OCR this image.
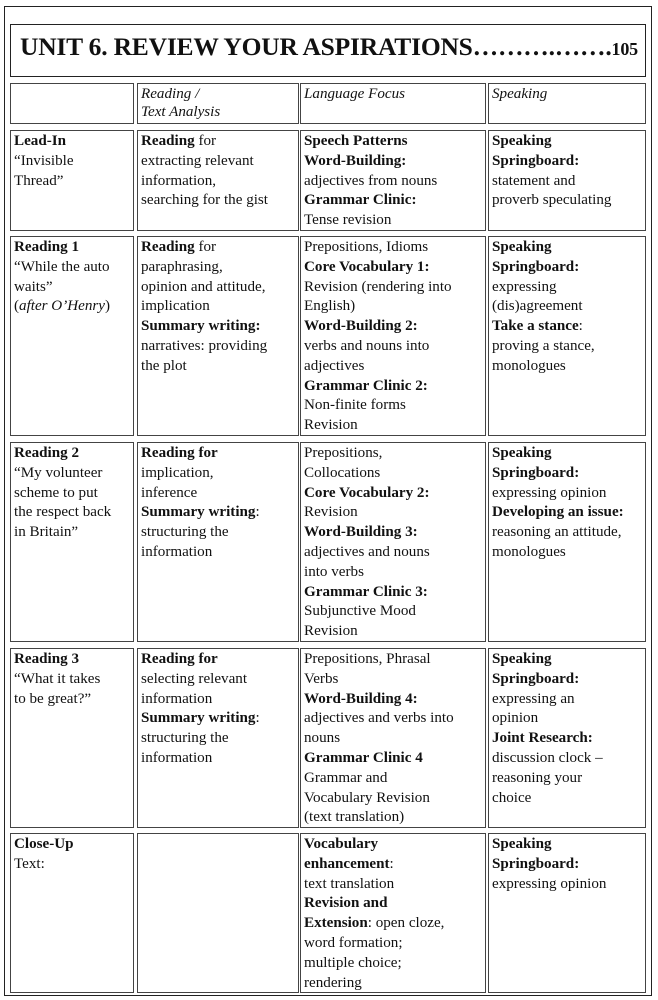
UNIT 6. REVIEW YOUR ASPIRATIONS……….…….105
Reading /
Text Analysis
Language Focus	Speaking
Lead-In
“Invisible
Thread”
Reading for
extracting relevant
information,
searching for the gist
Speech Patterns
Word-Building:
adjectives from nouns
Grammar Clinic:
Tense revision
Speaking
Springboard:
statement and
proverb speculating
Reading 1
“While the auto
waits”
(after O’Henry)
Reading for
paraphrasing,
opinion and attitude,
implication
Summary writing:
narratives: providing
the plot
Prepositions, Idioms
Core Vocabulary 1:
Revision (rendering into
English)
Word-Building 2:
verbs and nouns into
adjectives
Grammar Clinic 2:
Non-finite forms
Revision
Speaking
Springboard:
expressing
(dis)agreement
Take a stance:
proving a stance,
monologues
Reading 2
“My volunteer
scheme to put
the respect back
in Britain”
Reading for
implication,
inference
Summary writing:
structuring the
information
Prepositions,
Collocations
Core Vocabulary 2:
Revision
Word-Building 3:
adjectives and nouns
into verbs
Grammar Clinic 3:
Subjunctive Mood
Revision
Speaking
Springboard:
expressing opinion
Developing an issue:
reasoning an attitude,
monologues
Reading 3
“What it takes
to be great?”
Reading for
selecting relevant
information
Summary writing:
structuring the
information
Prepositions, Phrasal
Verbs
Word-Building 4:
adjectives and verbs into
nouns
Grammar Clinic 4
Grammar and
Vocabulary Revision
(text translation)
Speaking
Springboard:
expressing an
opinion
Joint Research:
discussion clock –
reasoning your
choice
Close-Up
Text:
Vocabulary
enhancement:
text translation
Revision and
Extension: open cloze,
word formation;
multiple choice;
rendering
Speaking
Springboard:
expressing opinion
